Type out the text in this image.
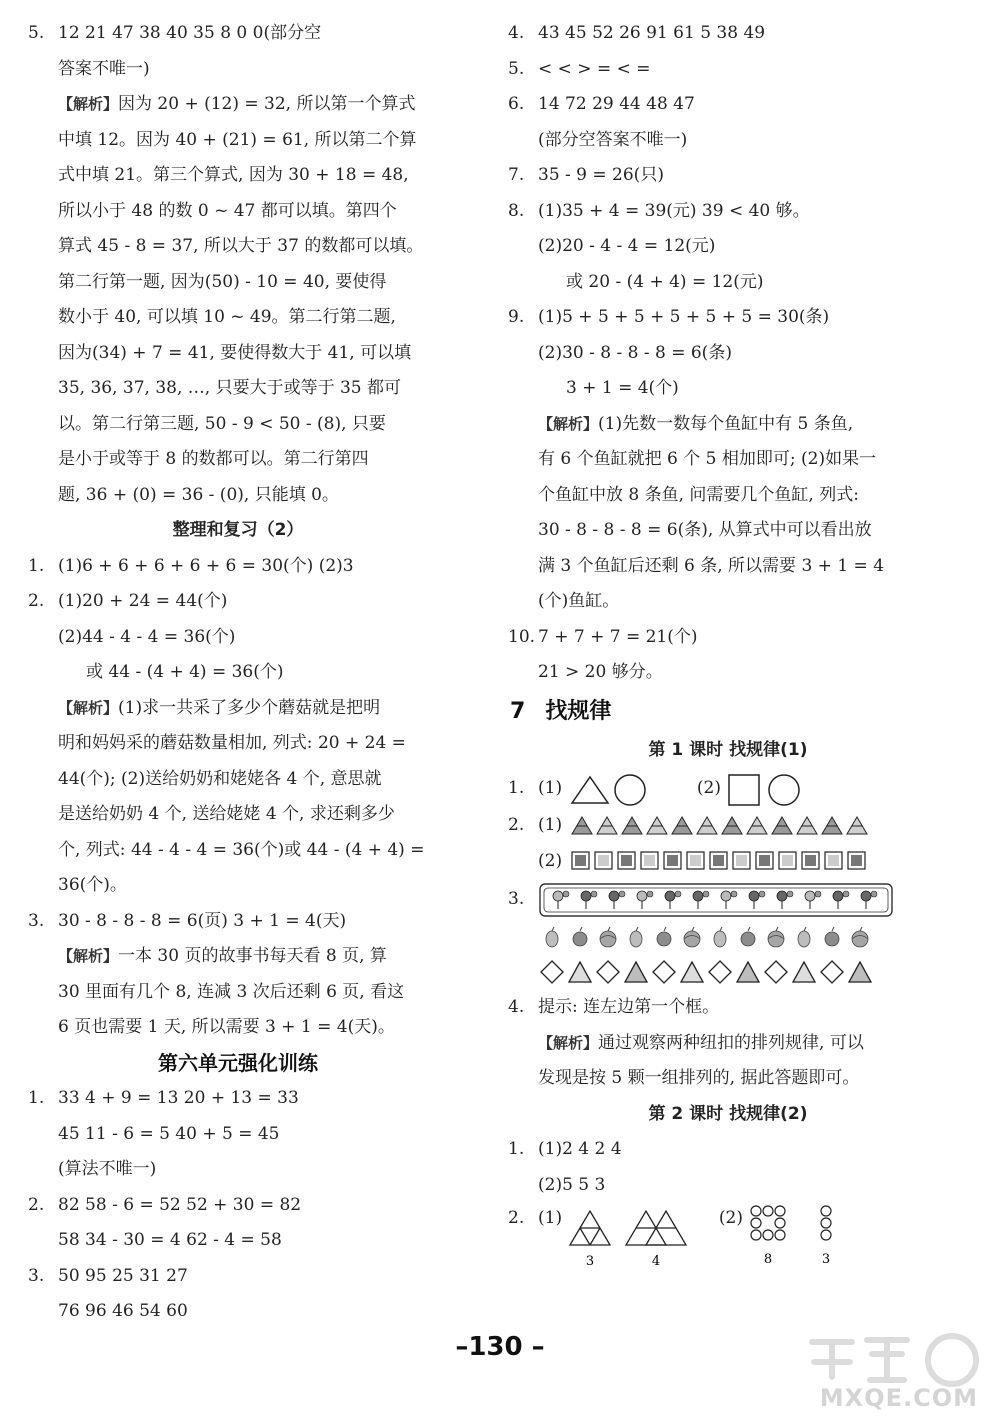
5. 12 21 47 38 40 35 8 0 0(部分空
答案不唯一)
【解析】因为 20 + (12) = 32, 所以第一个算式
中填 12。因为 40 + (21) = 61, 所以第二个算
式中填 21。第三个算式, 因为 30 + 18 = 48,
所以小于 48 的数 0 ~ 47 都可以填。第四个
算式 45 - 8 = 37, 所以大于 37 的数都可以填。
第二行第一题, 因为(50) - 10 = 40, 要使得
数小于 40, 可以填 10 ~ 49。第二行第二题,
因为(34) + 7 = 41, 要使得数大于 41, 可以填
35, 36, 37, 38, …, 只要大于或等于 35 都可
以。第二行第三题, 50 - 9 < 50 - (8), 只要
是小于或等于 8 的数都可以。第二行第四
题, 36 + (0) = 36 - (0), 只能填 0。
整理和复习（2）
1. (1)6 + 6 + 6 + 6 + 6 = 30(个) (2)3
2. (1)20 + 24 = 44(个)
(2)44 - 4 - 4 = 36(个)
或 44 - (4 + 4) = 36(个)
【解析】(1)求一共采了多少个蘑菇就是把明
明和妈妈采的蘑菇数量相加, 列式: 20 + 24 =
44(个); (2)送给奶奶和姥姥各 4 个, 意思就
是送给奶奶 4 个, 送给姥姥 4 个, 求还剩多少
个, 列式: 44 - 4 - 4 = 36(个)或 44 - (4 + 4) =
36(个)。
3. 30 - 8 - 8 - 8 = 6(页) 3 + 1 = 4(天)
【解析】一本 30 页的故事书每天看 8 页, 算
30 里面有几个 8, 连减 3 次后还剩 6 页, 看这
6 页也需要 1 天, 所以需要 3 + 1 = 4(天)。
第六单元强化训练
1. 33 4 + 9 = 13 20 + 13 = 33
45 11 - 6 = 5 40 + 5 = 45
(算法不唯一)
2. 82 58 - 6 = 52 52 + 30 = 82
58 34 - 30 = 4 62 - 4 = 58
3. 50 95 25 31 27
76 96 46 54 60
4. 43 45 52 26 91 61 5 38 49
5. < < > = < =
6. 14 72 29 44 48 47
(部分空答案不唯一)
7. 35 - 9 = 26(只)
8. (1)35 + 4 = 39(元) 39 < 40 够。
(2)20 - 4 - 4 = 12(元)
或 20 - (4 + 4) = 12(元)
9. (1)5 + 5 + 5 + 5 + 5 + 5 = 30(条)
(2)30 - 8 - 8 - 8 = 6(条)
3 + 1 = 4(个)
【解析】(1)先数一数每个鱼缸中有 5 条鱼,
有 6 个鱼缸就把 6 个 5 相加即可; (2)如果一
个鱼缸中放 8 条鱼, 问需要几个鱼缸, 列式:
30 - 8 - 8 - 8 = 6(条), 从算式中可以看出放
满 3 个鱼缸后还剩 6 条, 所以需要 3 + 1 = 4
(个)鱼缸。
10. 7 + 7 + 7 = 21(个)
21 > 20 够分。
7 找规律
第 1 课时 找规律(1)
1. (1)	(2)
2. (1)
(2)
3.
4. 提示: 连左边第一个框。
【解析】通过观察两种纽扣的排列规律, 可以
发现是按 5 颗一组排列的, 据此答题即可。
第 2 课时 找规律(2)
1. (1)2 4 2 4
(2)5 5 3
2. (1)
3	4
(2)
8	3
–130 –
MXQE.COM
